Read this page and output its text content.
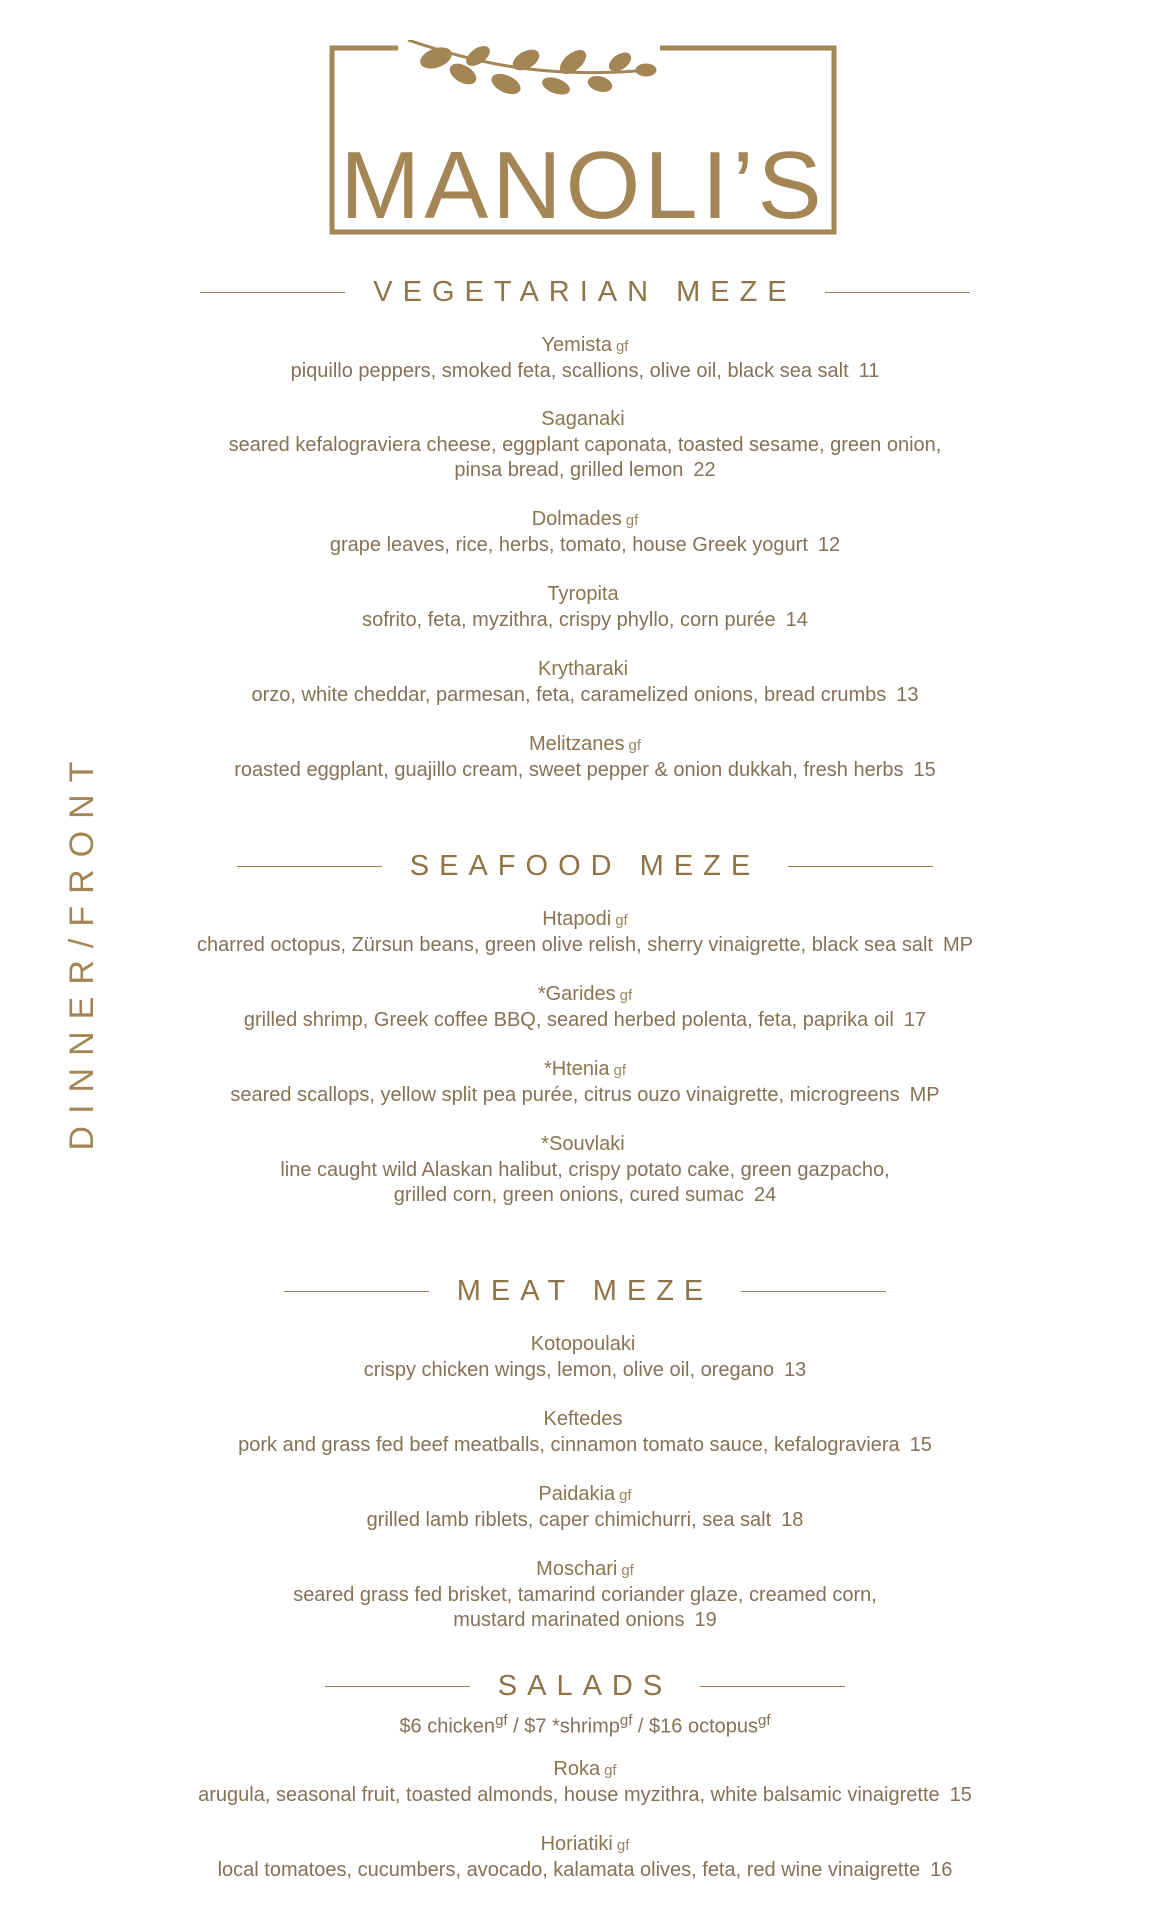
MANOLI’S
DINNER/FRONT
VEGETARIAN MEZE
Yemista gf
piquillo peppers, smoked feta, scallions, olive oil, black sea salt 11
Saganaki
seared kefalograviera cheese, eggplant caponata, toasted sesame, green onion,
pinsa bread, grilled lemon 22
Dolmades gf
grape leaves, rice, herbs, tomato, house Greek yogurt 12
Tyropita
sofrito, feta, myzithra, crispy phyllo, corn purée 14
Krytharaki
orzo, white cheddar, parmesan, feta, caramelized onions, bread crumbs 13
Melitzanes gf
roasted eggplant, guajillo cream, sweet pepper & onion dukkah, fresh herbs 15
SEAFOOD MEZE
Htapodi gf
charred octopus, Zürsun beans, green olive relish, sherry vinaigrette, black sea salt MP
*Garides gf
grilled shrimp, Greek coffee BBQ, seared herbed polenta, feta, paprika oil 17
*Htenia gf
seared scallops, yellow split pea purée, citrus ouzo vinaigrette, microgreens MP
*Souvlaki
line caught wild Alaskan halibut, crispy potato cake, green gazpacho,
grilled corn, green onions, cured sumac 24
MEAT MEZE
Kotopoulaki
crispy chicken wings, lemon, olive oil, oregano 13
Keftedes
pork and grass fed beef meatballs, cinnamon tomato sauce, kefalograviera 15
Paidakia gf
grilled lamb riblets, caper chimichurri, sea salt 18
Moschari gf
seared grass fed brisket, tamarind coriander glaze, creamed corn,
mustard marinated onions 19
SALADS
$6 chicken$^{gf}$ / $7 *shrimp$^{gf}$ / $16 octopus$^{gf}$
Roka gf
arugula, seasonal fruit, toasted almonds, house myzithra, white balsamic vinaigrette 15
Horiatiki gf
local tomatoes, cucumbers, avocado, kalamata olives, feta, red wine vinaigrette 16
